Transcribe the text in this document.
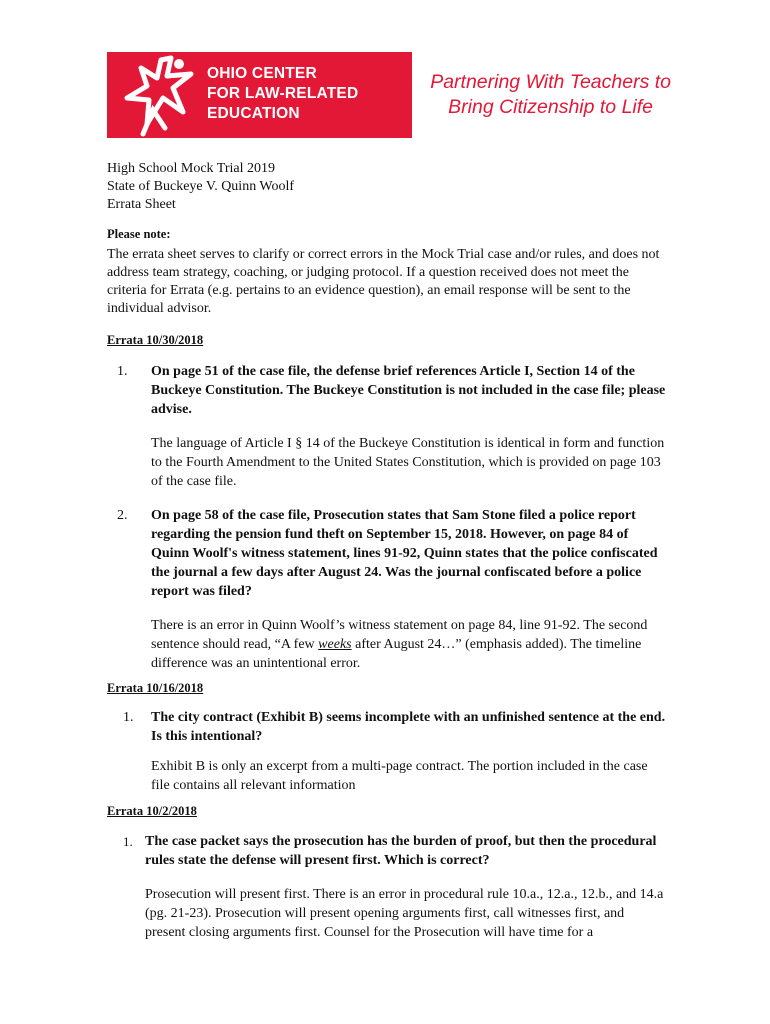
OHIO CENTER
FOR LAW-RELATED
EDUCATION
Partnering With Teachers to
Bring Citizenship to Life
High School Mock Trial 2019
State of Buckeye V. Quinn Woolf
Errata Sheet
Please note:
The errata sheet serves to clarify or correct errors in the Mock Trial case and/or rules, and does not address team strategy, coaching, or judging protocol. If a question received does not meet the criteria for Errata (e.g. pertains to an evidence question), an email response will be sent to the individual advisor.
Errata 10/30/2018
1.	On page 51 of the case file, the defense brief references Article I, Section 14 of the Buckeye Constitution. The Buckeye Constitution is not included in the case file; please advise.
The language of Article I § 14 of the Buckeye Constitution is identical in form and function to the Fourth Amendment to the United States Constitution, which is provided on page 103 of the case file.
2.	On page 58 of the case file, Prosecution states that Sam Stone filed a police report regarding the pension fund theft on September 15, 2018. However, on page 84 of Quinn Woolf's witness statement, lines 91-92, Quinn states that the police confiscated the journal a few days after August 24. Was the journal confiscated before a police report was filed?
There is an error in Quinn Woolf’s witness statement on page 84, line 91-92. The second sentence should read, “A few weeks after August 24…” (emphasis added). The timeline difference was an unintentional error.
Errata 10/16/2018
1.	The city contract (Exhibit B) seems incomplete with an unfinished sentence at the end. Is this intentional?
Exhibit B is only an excerpt from a multi-page contract. The portion included in the case file contains all relevant information
Errata 10/2/2018
1. The case packet says the prosecution has the burden of proof, but then the procedural rules state the defense will present first. Which is correct?
Prosecution will present first. There is an error in procedural rule 10.a., 12.a., 12.b., and 14.a (pg. 21-23). Prosecution will present opening arguments first, call witnesses first, and present closing arguments first. Counsel for the Prosecution will have time for a
